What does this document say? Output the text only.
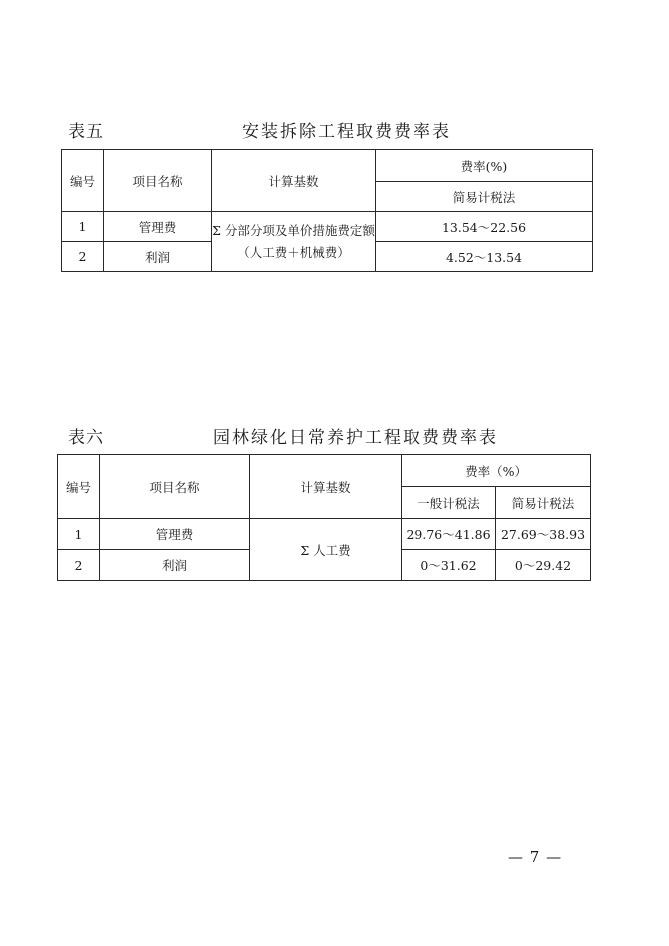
表五	安装拆除工程取费费率表
编号	项目名称	计算基数	费率(%)
			简易计税法
1	管理费	Σ 分部分项及单价措施费定额（人工费＋机械费）	13.54～22.56
2	利润		4.52～13.54
表六	园林绿化日常养护工程取费费率表
编号	项目名称	计算基数	费率（%）	
			一般计税法	简易计税法
1	管理费	Σ 人工费	29.76～41.86	27.69～38.93
2	利润		0～31.62	0～29.42
— 7 —
